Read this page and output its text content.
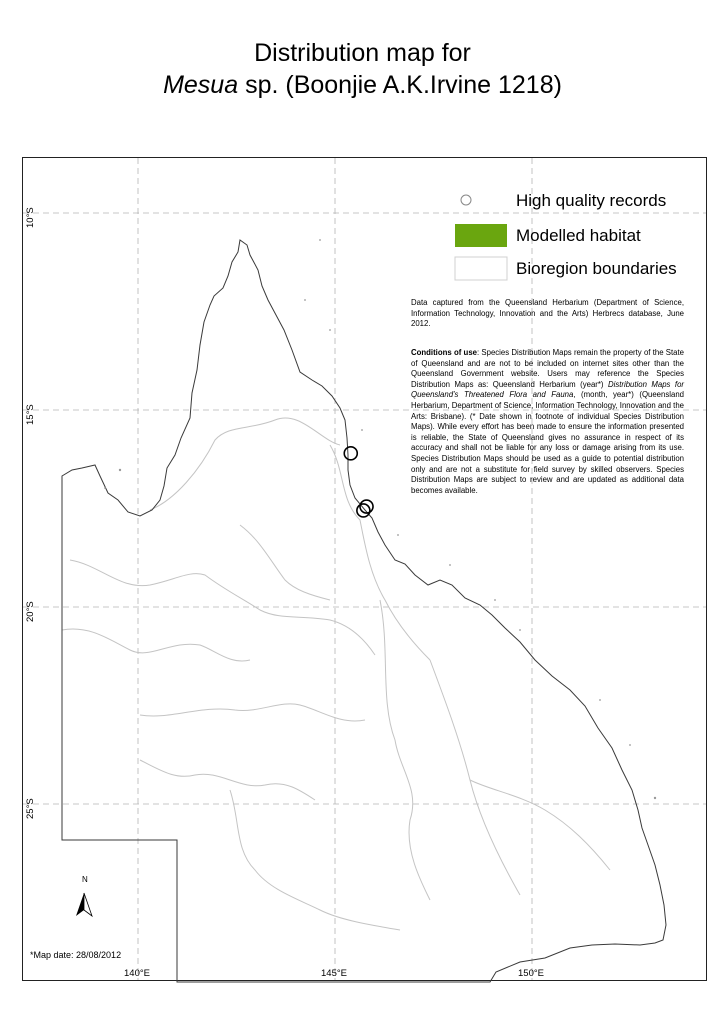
Distribution map for
Mesua sp. (Boonjie A.K.Irvine 1218)
High quality records
Modelled habitat
Bioregion boundaries
Data captured from the Queensland Herbarium (Department of Science, Information Technology, Innovation and the Arts) Herbrecs database, June 2012.
Conditions of use: Species Distribution Maps remain the property of the State of Queensland and are not to be included on internet sites other than the Queensland Government website. Users may reference the Species Distribution Maps as: Queensland Herbarium (year*) Distribution Maps for Queensland's Threatened Flora and Fauna, (month, year*) (Queensland Herbarium, Department of Science, Information Technology, Innovation and the Arts: Brisbane). (* Date shown in footnote of individual Species Distribution Maps). While every effort has been made to ensure the information presented is reliable, the State of Queensland gives no assurance in respect of its accuracy and shall not be liable for any loss or damage arising from its use. Species Distribution Maps should be used as a guide to potential distribution only and are not a substitute for field survey by skilled observers. Species Distribution Maps are subject to review and are updated as additional data becomes available.
10°S
15°S
20°S
25°S
140°E	145°E	150°E
N
*Map date: 28/08/2012
